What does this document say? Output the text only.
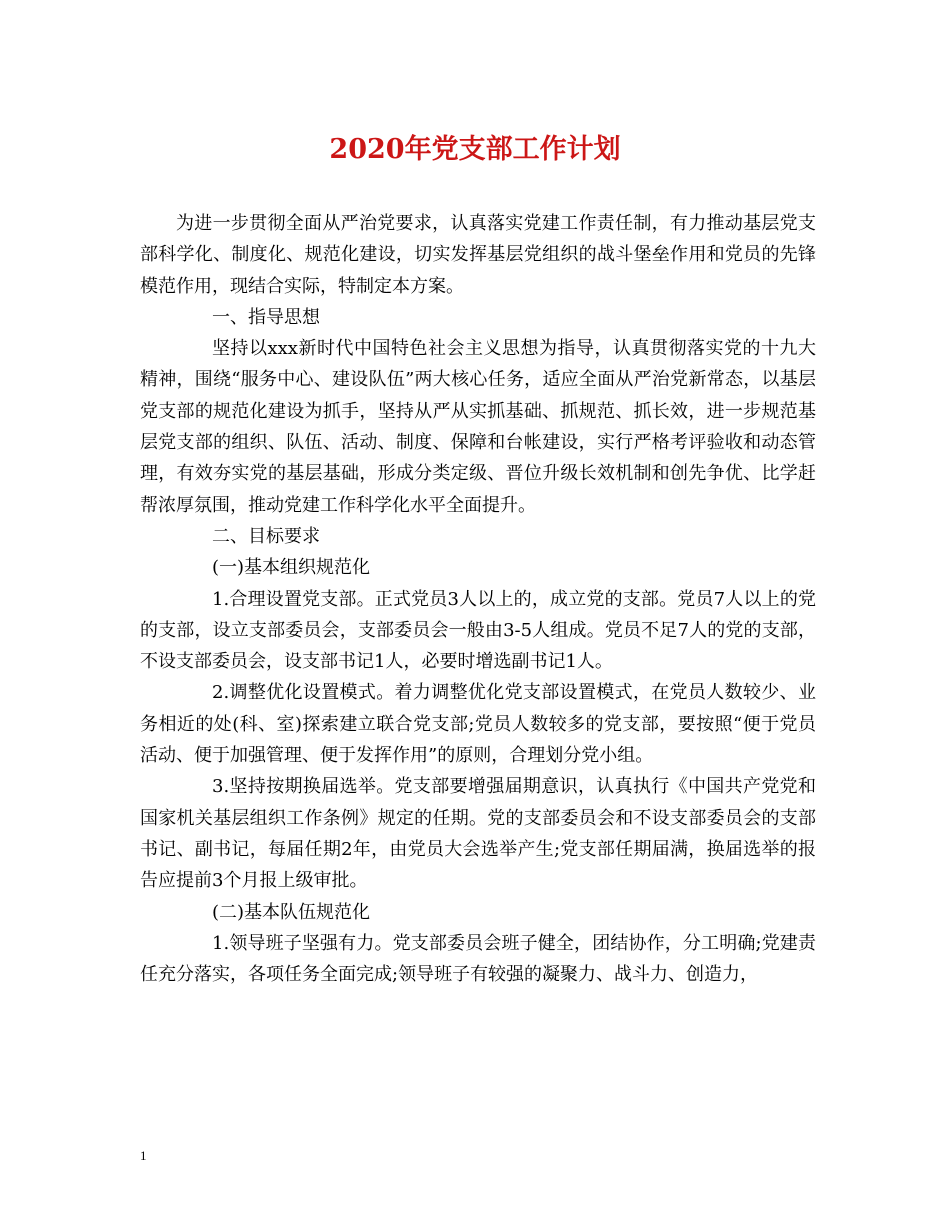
2020年党支部工作计划

为进一步贯彻全面从严治党要求，认真落实党建工作责任制，有力推动基层党支部科学化、制度化、规范化建设，切实发挥基层党组织的战斗堡垒作用和党员的先锋模范作用，现结合实际，特制定本方案。

一、指导思想

坚持以xxx新时代中国特色社会主义思想为指导，认真贯彻落实党的十九大精神，围绕“服务中心、建设队伍”两大核心任务，适应全面从严治党新常态，以基层党支部的规范化建设为抓手，坚持从严从实抓基础、抓规范、抓长效，进一步规范基层党支部的组织、队伍、活动、制度、保障和台帐建设，实行严格考评验收和动态管理，有效夯实党的基层基础，形成分类定级、晋位升级长效机制和创先争优、比学赶帮浓厚氛围，推动党建工作科学化水平全面提升。

二、目标要求

(一)基本组织规范化

1.合理设置党支部。正式党员3人以上的，成立党的支部。党员7人以上的党的支部，设立支部委员会，支部委员会一般由3-5人组成。党员不足7人的党的支部，不设支部委员会，设支部书记1人，必要时增选副书记1人。

2.调整优化设置模式。着力调整优化党支部设置模式，在党员人数较少、业务相近的处(科、室)探索建立联合党支部;党员人数较多的党支部，要按照“便于党员活动、便于加强管理、便于发挥作用”的原则，合理划分党小组。

3.坚持按期换届选举。党支部要增强届期意识，认真执行《中国共产党党和国家机关基层组织工作条例》规定的任期。党的支部委员会和不设支部委员会的支部书记、副书记，每届任期2年，由党员大会选举产生;党支部任期届满，换届选举的报告应提前3个月报上级审批。

(二)基本队伍规范化

1.领导班子坚强有力。党支部委员会班子健全，团结协作，分工明确;党建责任充分落实，各项任务全面完成;领导班子有较强的凝聚力、战斗力、创造力，

1
